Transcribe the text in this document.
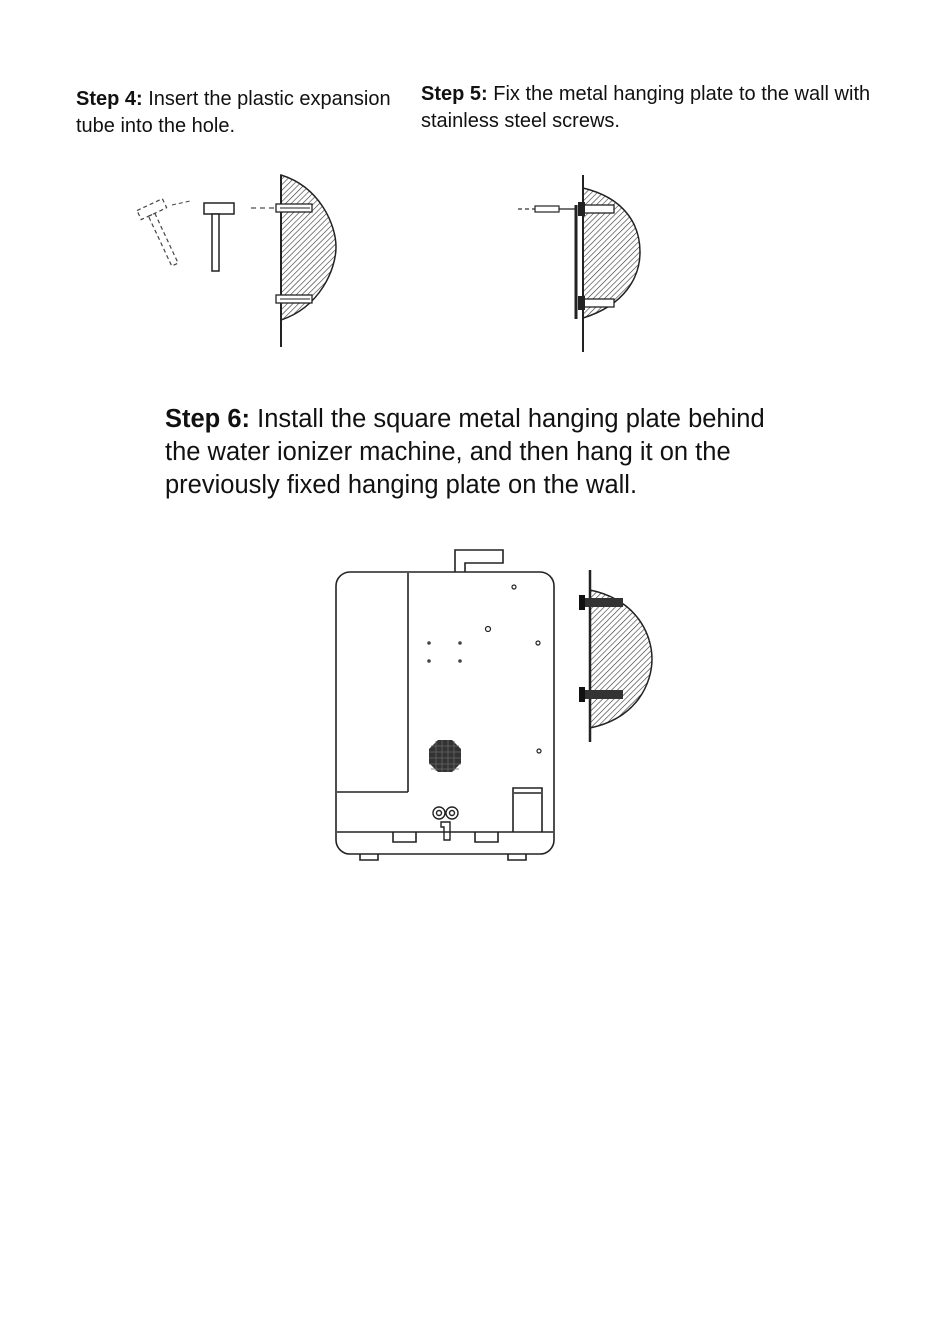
Step 4: Insert the plastic expansion tube into the hole.

Step 5: Fix the metal hanging plate to the wall with stainless steel screws.

Step 6: Install the square metal hanging plate behind the water ionizer machine, and then hang it on the previously fixed hanging plate on the wall.
